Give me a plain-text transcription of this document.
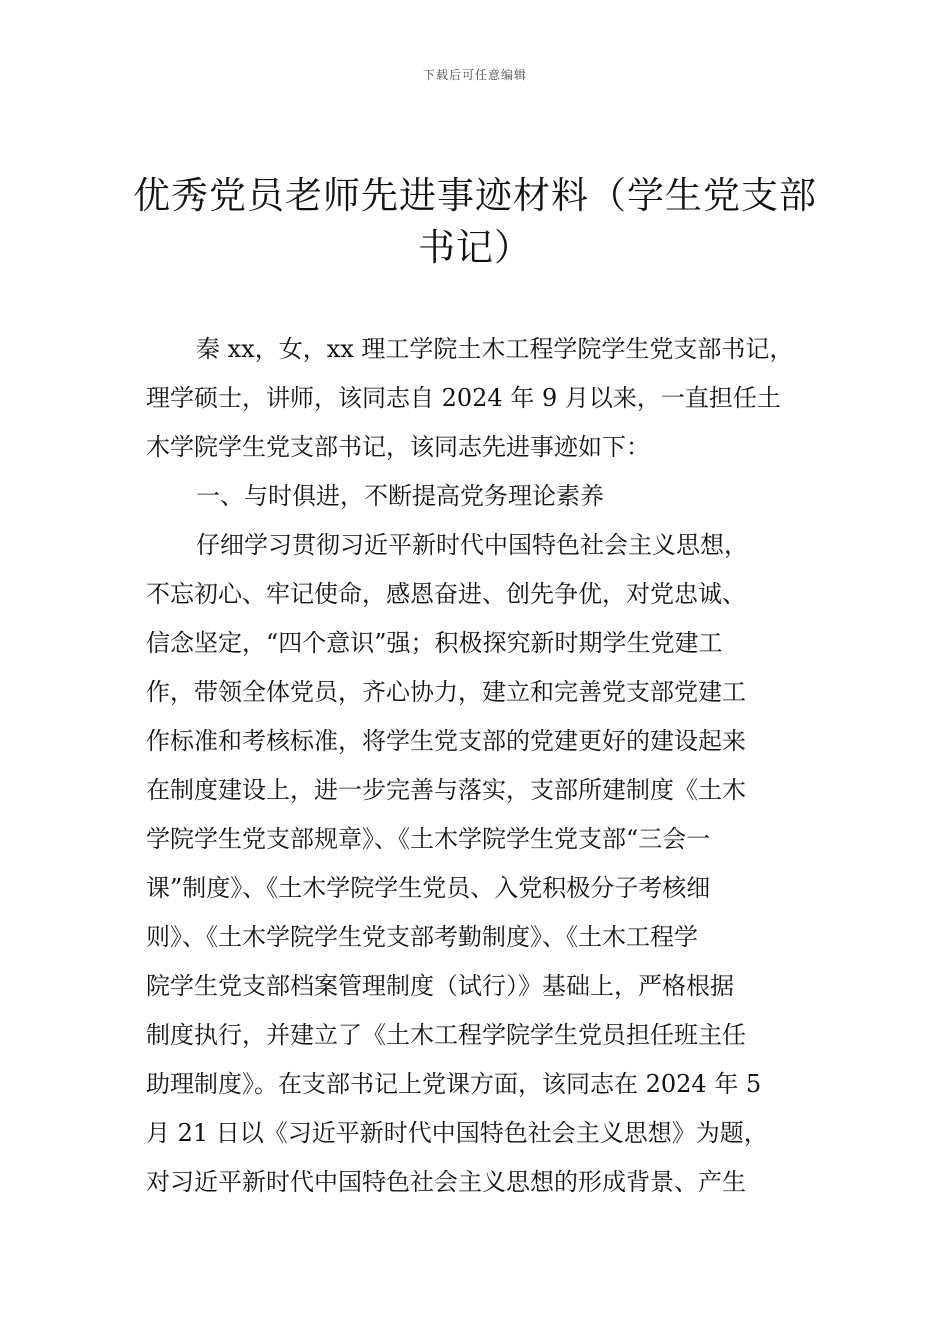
下载后可任意编辑
优秀党员老师先进事迹材料（学生党支部
书记）
秦 xx，女，xx 理工学院土木工程学院学生党支部书记，
理学硕士，讲师，该同志自 2024 年 9 月以来，一直担任土
木学院学生党支部书记，该同志先进事迹如下：
一、与时俱进，不断提高党务理论素养
仔细学习贯彻习近平新时代中国特色社会主义思想，
不忘初心、牢记使命，感恩奋进、创先争优，对党忠诚、
信念坚定，“四个意识”强；积极探究新时期学生党建工
作，带领全体党员，齐心协力，建立和完善党支部党建工
作标准和考核标准，将学生党支部的党建更好的建设起来
在制度建设上，进一步完善与落实，支部所建制度《土木
学院学生党支部规章》、《土木学院学生党支部“三会一
课”制度》、《土木学院学生党员、入党积极分子考核细
则》、《土木学院学生党支部考勤制度》、《土木工程学
院学生党支部档案管理制度（试行）》基础上，严格根据
制度执行，并建立了《土木工程学院学生党员担任班主任
助理制度》。在支部书记上党课方面，该同志在 2024 年 5
月 21 日以《习近平新时代中国特色社会主义思想》为题，
对习近平新时代中国特色社会主义思想的形成背景、产生
